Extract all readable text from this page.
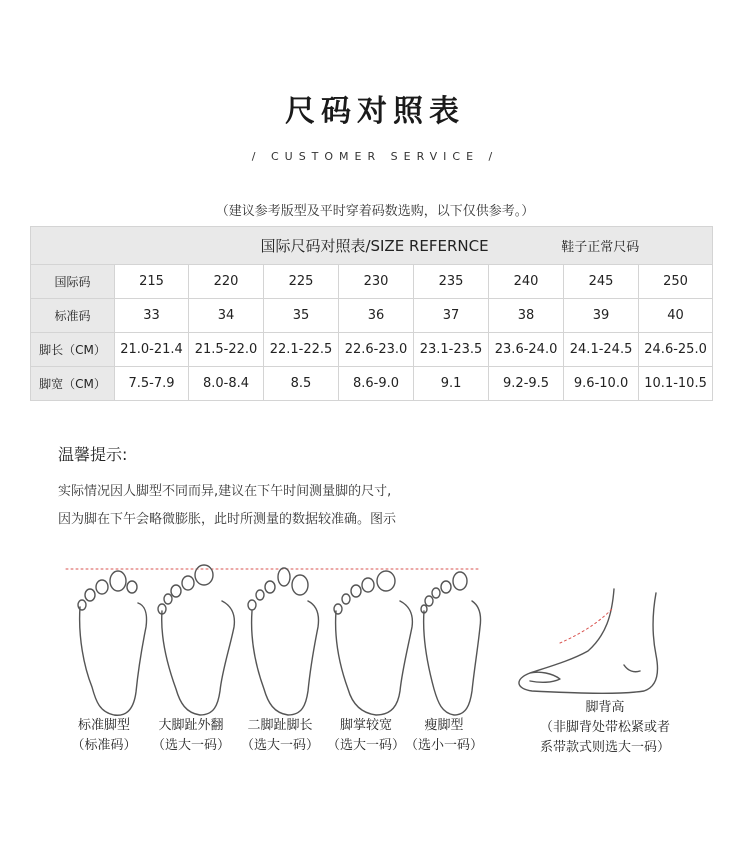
尺码对照表
/ CUSTOMER SERVICE /
（建议参考版型及平时穿着码数选购，以下仅供参考。）
国际尺码对照表/SIZE REFERNCE						鞋子正常尺码		
国际码	215	220	225	230	235	240	245	250
标准码	33	34	35	36	37	38	39	40
脚长（CM）	21.0-21.4	21.5-22.0	22.1-22.5	22.6-23.0	23.1-23.5	23.6-24.0	24.1-24.5	24.6-25.0
脚宽（CM）	7.5-7.9	8.0-8.4	8.5	8.6-9.0	9.1	9.2-9.5	9.6-10.0	10.1-10.5
温馨提示:
实际情况因人脚型不同而异,建议在下午时间测量脚的尺寸,
因为脚在下午会略微膨胀，此时所测量的数据较准确。图示
标准脚型
（标准码）
大脚趾外翻
（选大一码）
二脚趾脚长
（选大一码）
脚掌较宽
（选大一码）
瘦脚型
（选小一码）
脚背高
（非脚背处带松紧或者
系带款式则选大一码）
